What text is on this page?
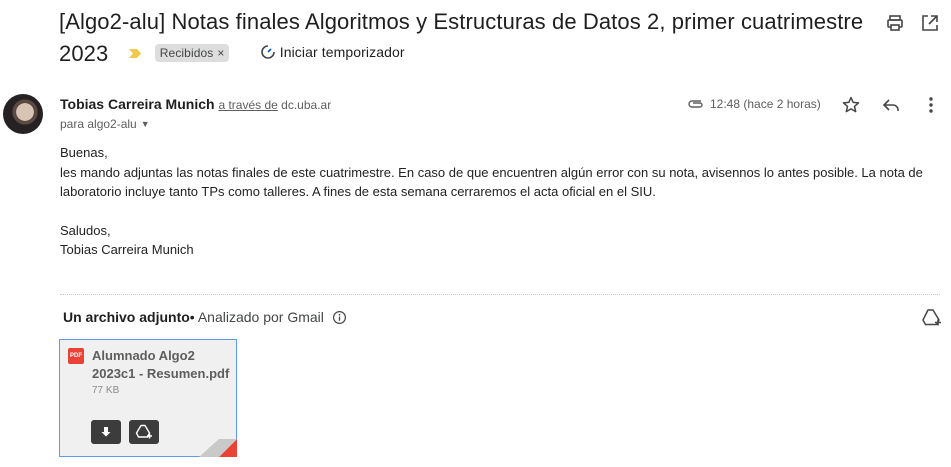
[Algo2-alu] Notas finales Algoritmos y Estructuras de Datos 2, primer cuatrimestre 2023	Recibidos ×	Iniciar temporizador
Tobias Carreira Munich a través de dc.uba.ar
para algo2-alu ▼
12:48 (hace 2 horas)

Buenas,

les mando adjuntas las notas finales de este cuatrimestre. En caso de que encuentren algún error con su nota, avisennos lo antes posible. La nota de laboratorio incluye tanto TPs como talleres. A fines de esta semana cerraremos el acta oficial en el SIU.

Saludos,

Tobias Carreira Munich

Un archivo adjunto• Analizado por Gmail
PDF Alumnado Algo2 2023c1 - Resumen.pdf
77 KB
